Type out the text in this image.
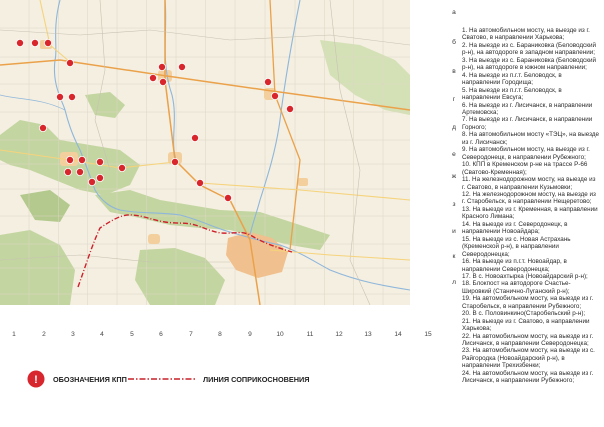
а
б
в
г
д
е
ж
з
и
к
л
1	2	3	4	5	6	7	8	9	10	11	12	13	14	15
1. На автомобильном мосту, на выезде из г. Сватово, в направлении Харькова;
2. На выезде из с. Бараниковка (Беловодский р-н), на автодороге в западном направлении;
3. На выезде из с. Бараниковка (Беловодский р-н), на автодороге в южном направлении;
4. На выезде из п.г.т. Беловодск, в направлении Городища;
5. На выезде из п.г.т. Беловодск, в направлении Евсуга;
6. На выезде из г. Лисичанск, в направлении Артемовска;
7. На выезде из г. Лисичанск, в направлении Горного;
8. На автомобильном мосту «ТЭЦ», на выезде из г. Лисичанск;
9. На автомобильном мосту, на выезде из г. Северодонецк, в направлении Рубежного;
10. КПП в Кременском р-не на трассе Р-66 (Сватово-Кременная);
11. На железнодорожном мосту, на выезде из г. Сватово, в направлении Кузьмовки;
12. На железнодорожном мосту, на выезде из г. Старобельск, в направлении Нещеретово;
13. На выезде из г. Кременная, в направлении Красного Лимана;
14. На выезде из г. Северодонецк, в направлении Новоайдара;
15. На выезде из с. Новая Астрахань (Кременской р-н), в направлении Северодонецка;
16. На выезде из п.г.т. Новоайдар, в направлении Северодонецка;
17. В с. Новоахтырка (Новоайдарский р-н);
18. Блокпост на автодороге Счастье-Шировкий (Станично-Луганский р-н);
19. На автомобильном мосту, на выезде из г. Старобельск, в направлении Рубежного;
20. В с. Половинкино(Старобельский р-н);
21. На выезде из г. Сватово, в направлении Харькова;
22. На автомобильном мосту, на выезде из г. Лисичанск, в направлении Северодонецка;
23. На автомобильном мосту, на выезде из с. Райгородка (Новоайдарский р-н), в направлении Трехизбенки;
24. На автомобильном мосту, на выезде из г. Лисичанск, в направлении Рубежного;
! ОБОЗНАЧЕНИЯ КПП	ЛИНИЯ СОПРИКОСНОВЕНИЯ
